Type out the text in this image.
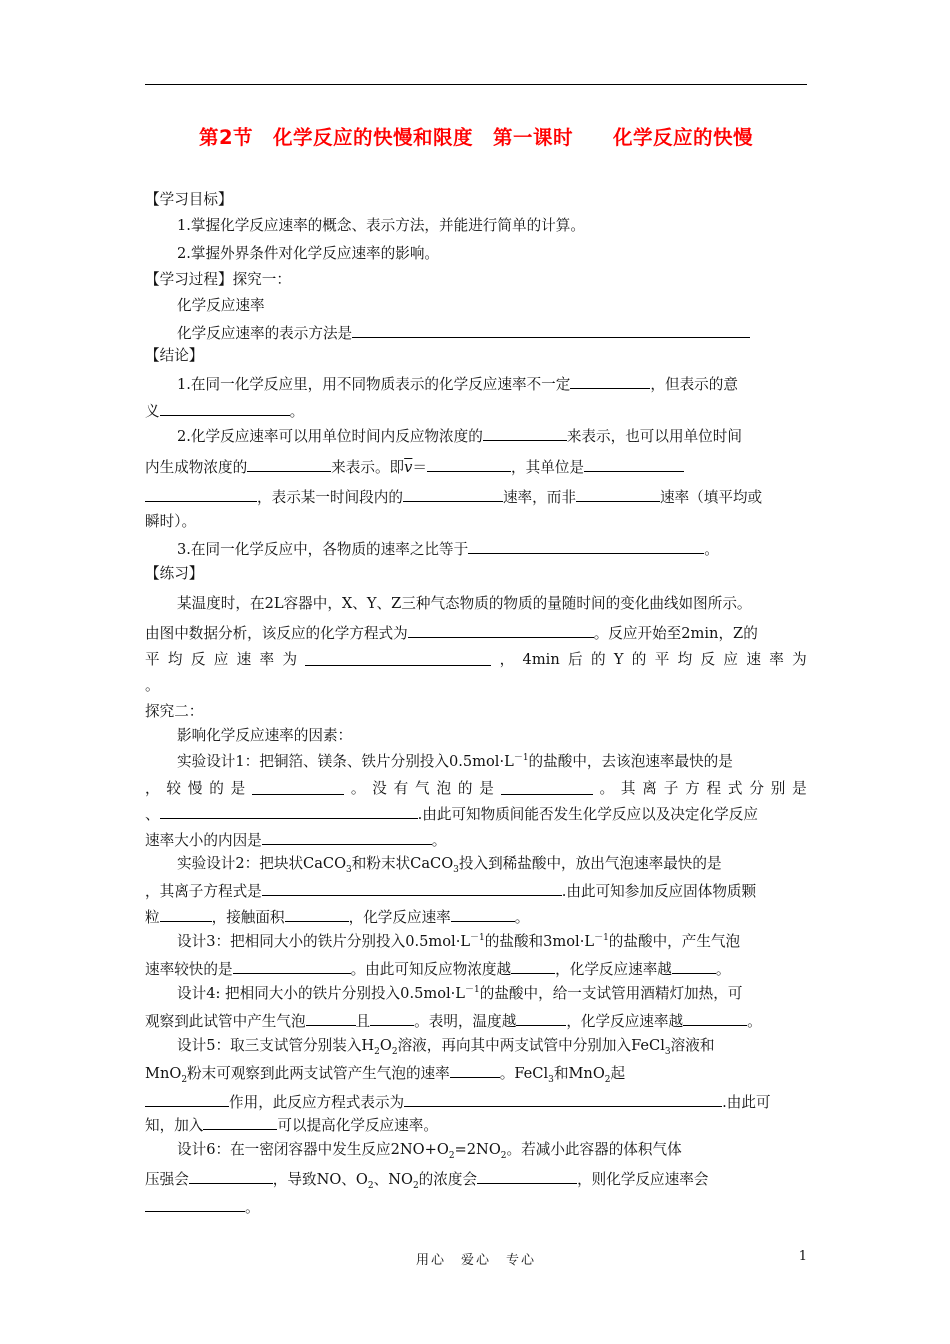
第2节　化学反应的快慢和限度　第一课时　　化学反应的快慢
【学习目标】
1.掌握化学反应速率的概念、表示方法，并能进行简单的计算。
2.掌握外界条件对化学反应速率的影响。
【学习过程】探究一：
化学反应速率
化学反应速率的表示方法是
【结论】
1.在同一化学反应里，用不同物质表示的化学反应速率不一定	，但表示的意
义	。
2.化学反应速率可以用单位时间内反应物浓度的	来表示，也可以用单位时间
内生成物浓度的	来表示。即$\overline{v}=$	，其单位是
，表示某一时间段内的	速率，而非	速率（填平均或
瞬时）。
3.在同一化学反应中，各物质的速率之比等于	。
【练习】
某温度时，在2L容器中，X、Y、Z三种气态物质的物质的量随时间的变化曲线如图所示。
由图中数据分析，该反应的化学方程式为	。反应开始至2min，Z的
平 均 反 应 速 率 为	， 4min 后 的 Y 的 平 均 反 应 速 率 为
。
探究二：
影响化学反应速率的因素：
实验设计1：把铜箔、镁条、铁片分别投入$0.5mol\cdot L^{-1}$的盐酸中，去该泡速率最快的是
， 较 慢 的 是	。 没 有 气 泡 的 是	。 其 离 子 方 程 式 分 别 是
、	.由此可知物质间能否发生化学反应以及决定化学反应
速率大小的内因是	。
实验设计2：把块状CaCO$_3$和粉末状CaCO$_3$投入到稀盐酸中，放出气泡速率最快的是
，其离子方程式是	.由此可知参加反应固体物质颗
粒	，接触面积	，化学反应速率	。
设计3：把相同大小的铁片分别投入$0.5mol\cdot L^{-1}$的盐酸和$3mol\cdot L^{-1}$的盐酸中，产生气泡
速率较快的是	。由此可知反应物浓度越	，化学反应速率越	。
设计4: 把相同大小的铁片分别投入$0.5mol\cdot L^{-1}$的盐酸中，给一支试管用酒精灯加热，可
观察到此试管中产生气泡	且	。表明，温度越	，化学反应速率越	。
设计5：取三支试管分别装入$H_2O_2$溶液，再向其中两支试管中分别加入FeCl$_3$溶液和
MnO$_2$粉末可观察到此两支试管产生气泡的速率	。FeCl$_3$和MnO$_2$起
作用，此反应方程式表示为	.由此可
知，加入	可以提高化学反应速率。
设计6：在一密闭容器中发生反应$2NO+O_2=2NO_2$。若减小此容器的体积气体
压强会	，导致NO、$O_2$、$NO_2$的浓度会	，则化学反应速率会
。
用心　爱心　专心	1
